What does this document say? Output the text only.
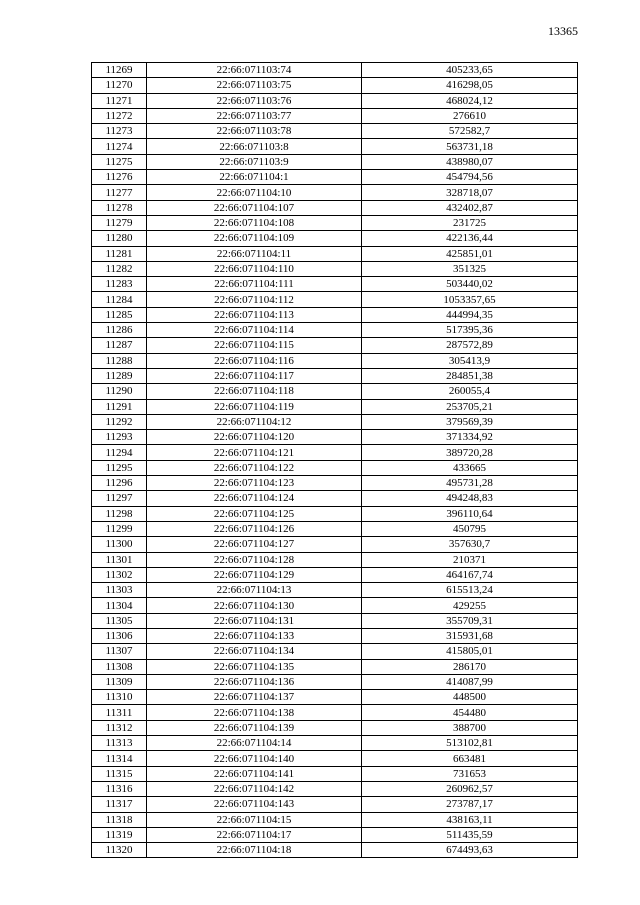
13365
11269	22:66:071103:74	405233,65
11270	22:66:071103:75	416298,05
11271	22:66:071103:76	468024,12
11272	22:66:071103:77	276610
11273	22:66:071103:78	572582,7
11274	22:66:071103:8	563731,18
11275	22:66:071103:9	438980,07
11276	22:66:071104:1	454794,56
11277	22:66:071104:10	328718,07
11278	22:66:071104:107	432402,87
11279	22:66:071104:108	231725
11280	22:66:071104:109	422136,44
11281	22:66:071104:11	425851,01
11282	22:66:071104:110	351325
11283	22:66:071104:111	503440,02
11284	22:66:071104:112	1053357,65
11285	22:66:071104:113	444994,35
11286	22:66:071104:114	517395,36
11287	22:66:071104:115	287572,89
11288	22:66:071104:116	305413,9
11289	22:66:071104:117	284851,38
11290	22:66:071104:118	260055,4
11291	22:66:071104:119	253705,21
11292	22:66:071104:12	379569,39
11293	22:66:071104:120	371334,92
11294	22:66:071104:121	389720,28
11295	22:66:071104:122	433665
11296	22:66:071104:123	495731,28
11297	22:66:071104:124	494248,83
11298	22:66:071104:125	396110,64
11299	22:66:071104:126	450795
11300	22:66:071104:127	357630,7
11301	22:66:071104:128	210371
11302	22:66:071104:129	464167,74
11303	22:66:071104:13	615513,24
11304	22:66:071104:130	429255
11305	22:66:071104:131	355709,31
11306	22:66:071104:133	315931,68
11307	22:66:071104:134	415805,01
11308	22:66:071104:135	286170
11309	22:66:071104:136	414087,99
11310	22:66:071104:137	448500
11311	22:66:071104:138	454480
11312	22:66:071104:139	388700
11313	22:66:071104:14	513102,81
11314	22:66:071104:140	663481
11315	22:66:071104:141	731653
11316	22:66:071104:142	260962,57
11317	22:66:071104:143	273787,17
11318	22:66:071104:15	438163,11
11319	22:66:071104:17	511435,59
11320	22:66:071104:18	674493,63
